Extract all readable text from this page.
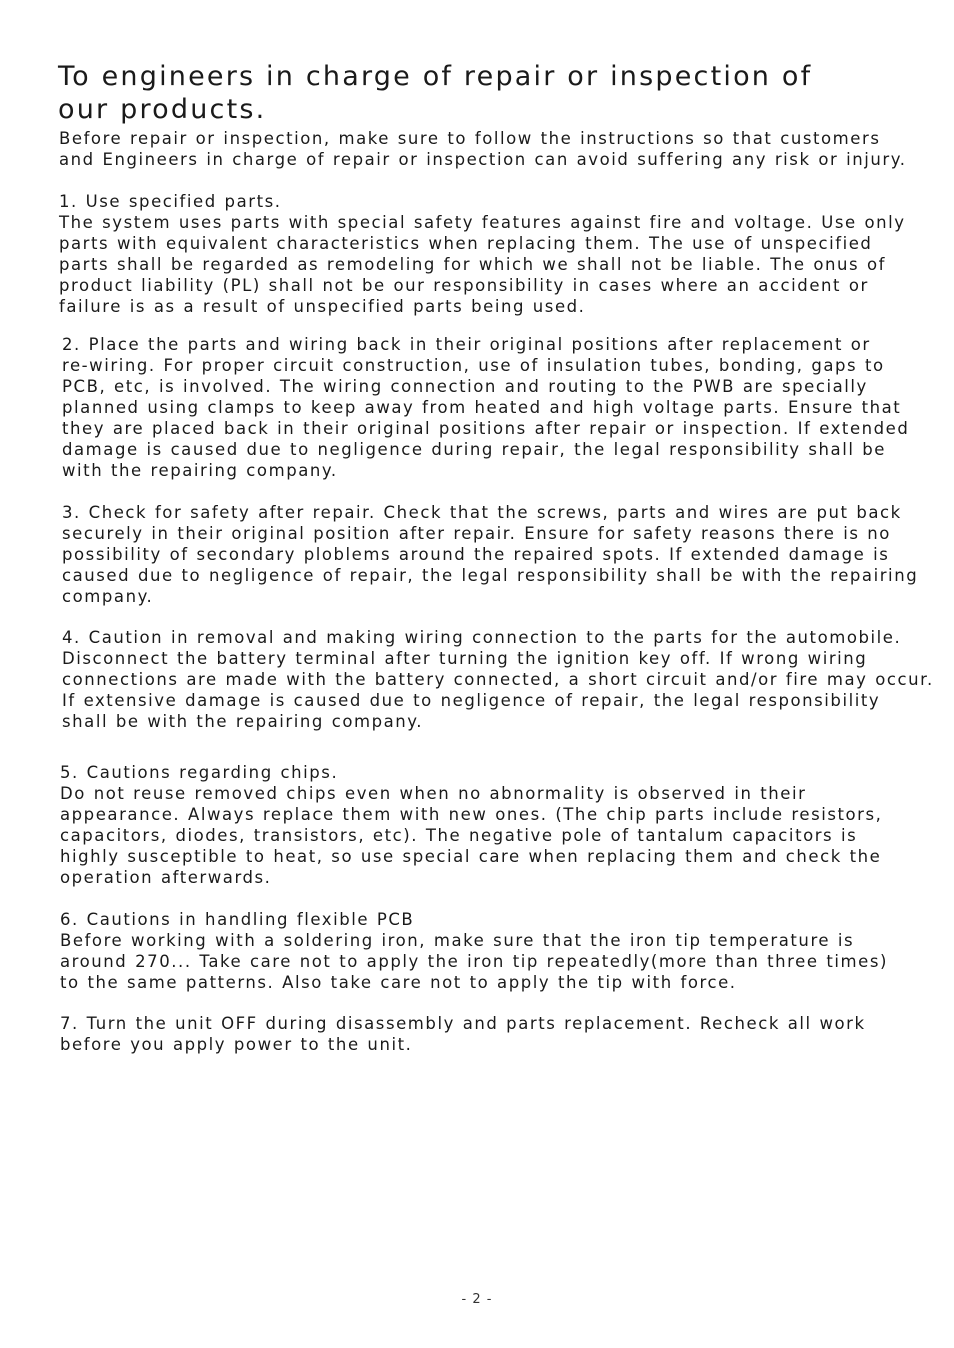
To engineers in charge of repair or inspection of
our products.

Before repair or inspection, make sure to follow the instructions so that customers
and Engineers in charge of repair or inspection can avoid suffering any risk or injury.

1. Use specified parts.
The system uses parts with special safety features against fire and voltage. Use only
parts with equivalent characteristics when replacing them. The use of unspecified
parts shall be regarded as remodeling for which we shall not be liable. The onus of
product liability (PL) shall not be our responsibility in cases where an accident or
failure is as a result of unspecified parts being used.

2. Place the parts and wiring back in their original positions after replacement or
re-wiring. For proper circuit construction, use of insulation tubes, bonding, gaps to
PCB, etc, is involved. The wiring connection and routing to the PWB are specially
planned using clamps to keep away from heated and high voltage parts. Ensure that
they are placed back in their original positions after repair or inspection. If extended
damage is caused due to negligence during repair, the legal responsibility shall be
with the repairing company.

3. Check for safety after repair. Check that the screws, parts and wires are put back
securely in their original position after repair. Ensure for safety reasons there is no
possibility of secondary ploblems around the repaired spots. If extended damage is
caused due to negligence of repair, the legal responsibility shall be with the repairing
company.

4. Caution in removal and making wiring connection to the parts for the automobile.
Disconnect the battery terminal after turning the ignition key off. If wrong wiring
connections are made with the battery connected, a short circuit and/or fire may occur.
If extensive damage is caused due to negligence of repair, the legal responsibility
shall be with the repairing company.

5. Cautions regarding chips.
Do not reuse removed chips even when no abnormality is observed in their
appearance. Always replace them with new ones. (The chip parts include resistors,
capacitors, diodes, transistors, etc). The negative pole of tantalum capacitors is
highly susceptible to heat, so use special care when replacing them and check the
operation afterwards.

6. Cautions in handling flexible PCB
Before working with a soldering iron, make sure that the iron tip temperature is
around 270... Take care not to apply the iron tip repeatedly(more than three times)
to the same patterns. Also take care not to apply the tip with force.

7. Turn the unit OFF during disassembly and parts replacement. Recheck all work
before you apply power to the unit.

- 2 -
